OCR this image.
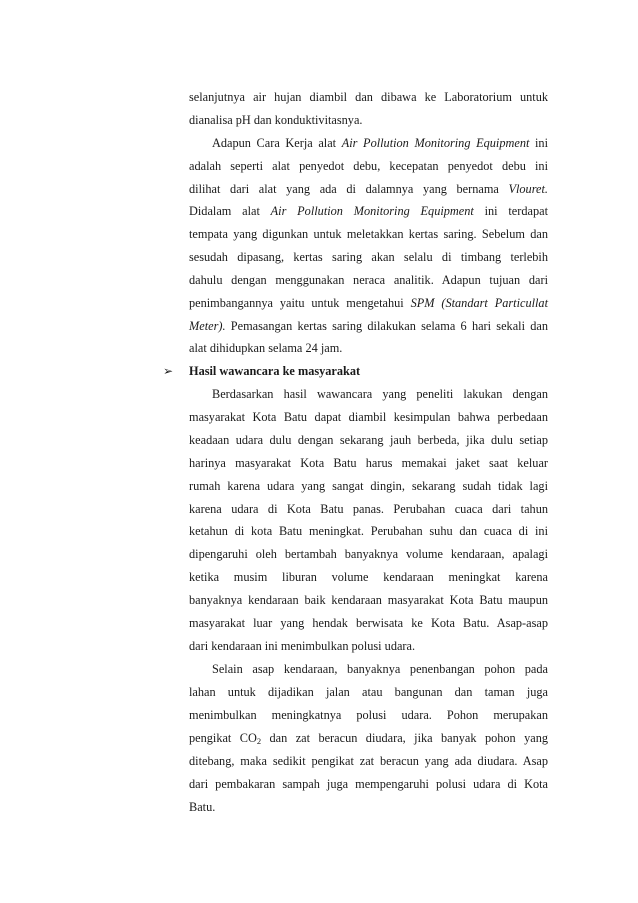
selanjutnya air hujan diambil dan dibawa ke Laboratorium untuk
dianalisa pH dan konduktivitasnya.
Adapun Cara Kerja alat Air Pollution Monitoring Equipment ini
adalah seperti alat penyedot debu, kecepatan penyedot debu ini
dilihat dari alat yang ada di dalamnya yang bernama Vlouret.
Didalam alat Air Pollution Monitoring Equipment ini terdapat
tempata yang digunkan untuk meletakkan kertas saring. Sebelum dan
sesudah dipasang, kertas saring akan selalu di timbang terlebih
dahulu dengan menggunakan neraca analitik. Adapun tujuan dari
penimbangannya yaitu untuk mengetahui SPM (Standart Particullat
Meter). Pemasangan kertas saring dilakukan selama 6 hari sekali dan
alat dihidupkan selama 24 jam.
➢	Hasil wawancara ke masyarakat
Berdasarkan hasil wawancara yang peneliti lakukan dengan
masyarakat Kota Batu dapat diambil kesimpulan bahwa perbedaan
keadaan udara dulu dengan sekarang jauh berbeda, jika dulu setiap
harinya masyarakat Kota Batu harus memakai jaket saat keluar
rumah karena udara yang sangat dingin, sekarang sudah tidak lagi
karena udara di Kota Batu panas. Perubahan cuaca dari tahun
ketahun di kota Batu meningkat. Perubahan suhu dan cuaca di ini
dipengaruhi oleh bertambah banyaknya volume kendaraan, apalagi
ketika musim liburan volume kendaraan meningkat karena
banyaknya kendaraan baik kendaraan masyarakat Kota Batu maupun
masyarakat luar yang hendak berwisata ke Kota Batu. Asap-asap
dari kendaraan ini menimbulkan polusi udara.
Selain asap kendaraan, banyaknya penenbangan pohon pada
lahan untuk dijadikan jalan atau bangunan dan taman juga
menimbulkan meningkatnya polusi udara. Pohon merupakan
pengikat $CO_2$ dan zat beracun diudara, jika banyak pohon yang
ditebang, maka sedikit pengikat zat beracun yang ada diudara. Asap
dari pembakaran sampah juga mempengaruhi polusi udara di Kota
Batu.
